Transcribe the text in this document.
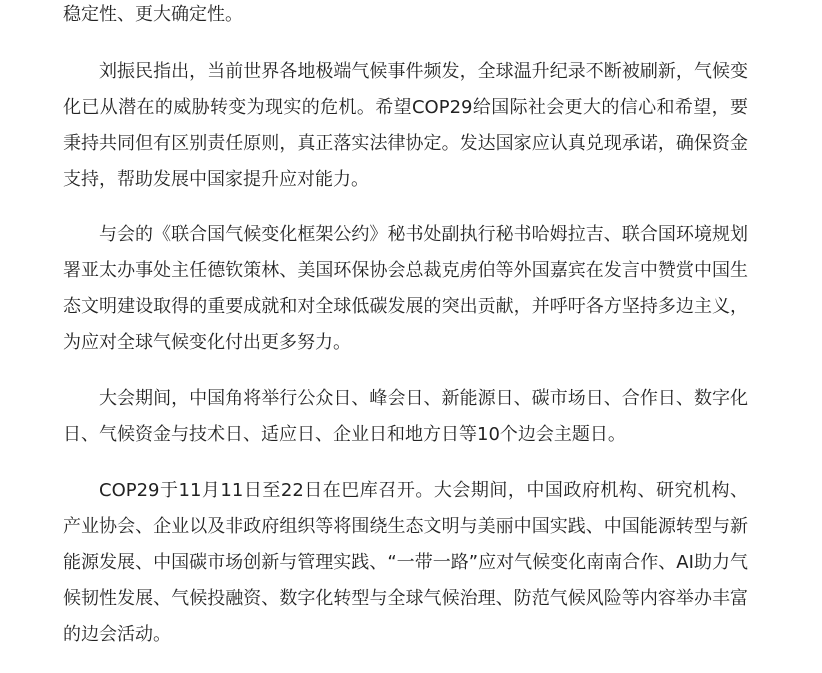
稳定性、更大确定性。

刘振民指出，当前世界各地极端气候事件频发，全球温升纪录不断被刷新，气候变化已从潜在的威胁转变为现实的危机。希望COP29给国际社会更大的信心和希望，要秉持共同但有区别责任原则，真正落实法律协定。发达国家应认真兑现承诺，确保资金支持，帮助发展中国家提升应对能力。

与会的《联合国气候变化框架公约》秘书处副执行秘书哈姆拉吉、联合国环境规划署亚太办事处主任德钦策林、美国环保协会总裁克虏伯等外国嘉宾在发言中赞赏中国生态文明建设取得的重要成就和对全球低碳发展的突出贡献，并呼吁各方坚持多边主义，为应对全球气候变化付出更多努力。

大会期间，中国角将举行公众日、峰会日、新能源日、碳市场日、合作日、数字化日、气候资金与技术日、适应日、企业日和地方日等10个边会主题日。

COP29于11月11日至22日在巴库召开。大会期间，中国政府机构、研究机构、产业协会、企业以及非政府组织等将围绕生态文明与美丽中国实践、中国能源转型与新能源发展、中国碳市场创新与管理实践、“一带一路”应对气候变化南南合作、AI助力气候韧性发展、气候投融资、数字化转型与全球气候治理、防范气候风险等内容举办丰富的边会活动。
